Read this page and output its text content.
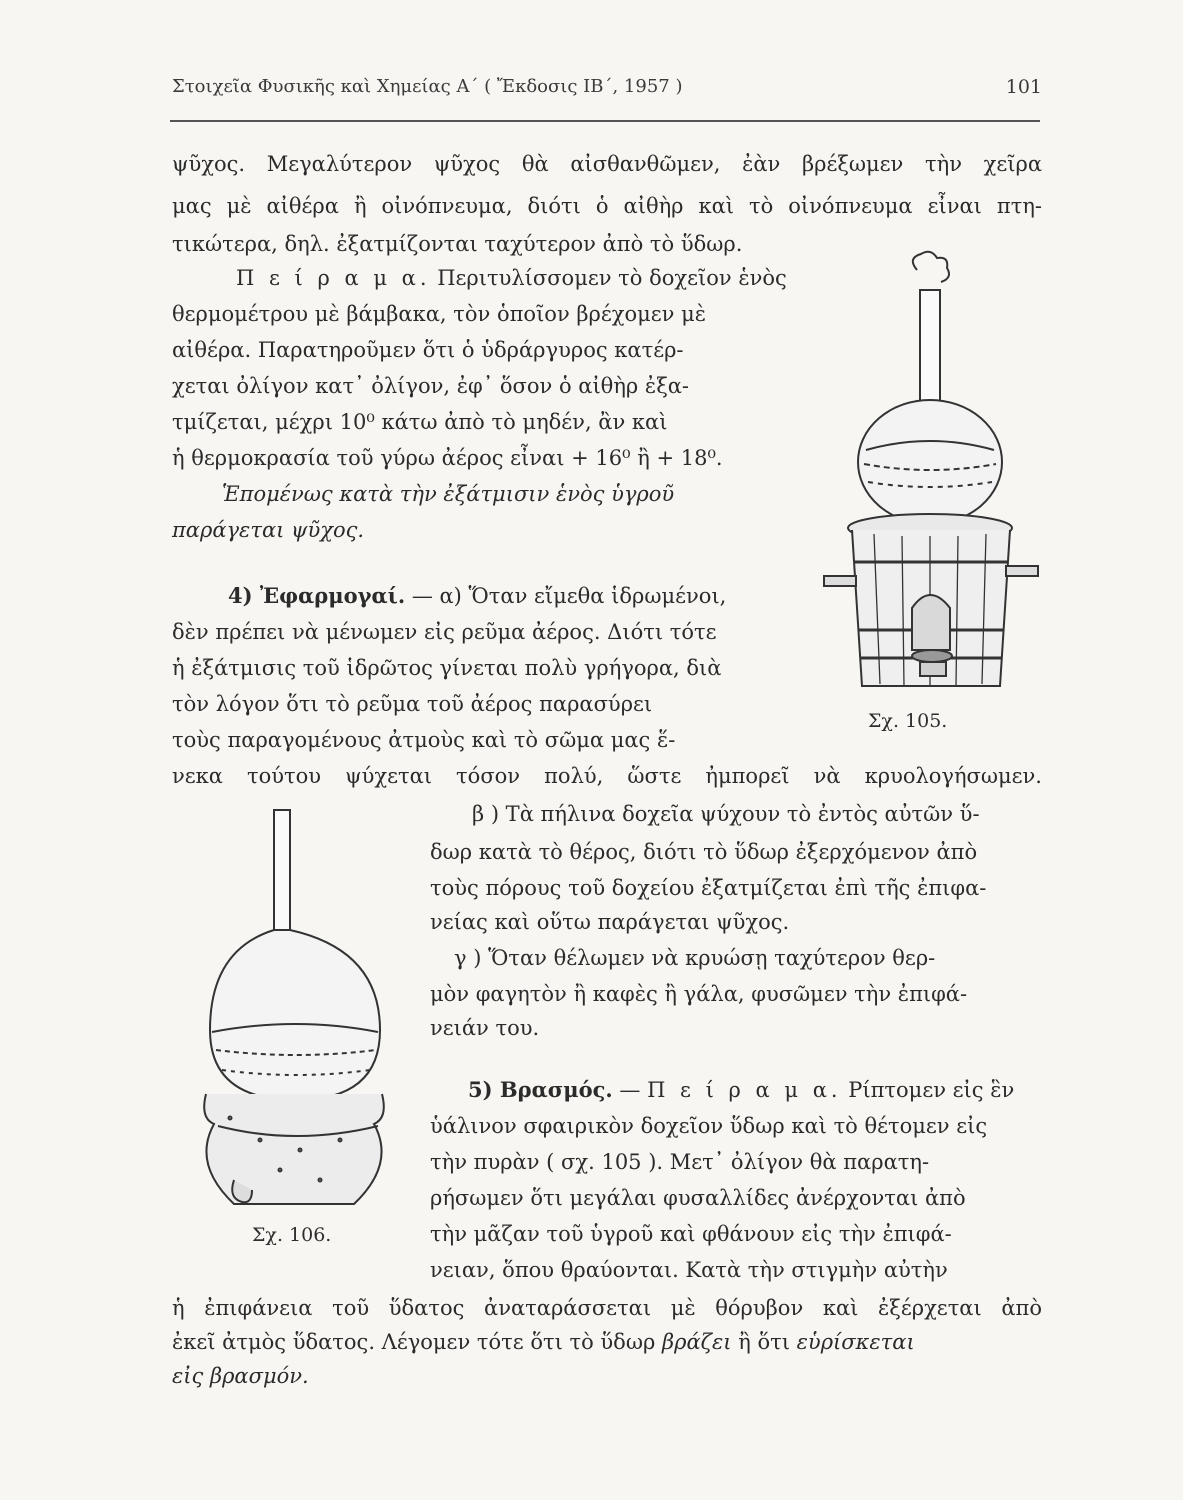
Στοιχεῖα Φυσικῆς καὶ Χημείας Α΄ ( Ἔκδοσις ΙΒ΄, 1957 )	101
ψῦχος. Μεγαλύτερον ψῦχος θὰ αἰσθανθῶμεν, ἐὰν βρέξωμεν τὴν χεῖρα
μας μὲ αἰθέρα ἢ οἰνόπνευμα, διότι ὁ αἰθὴρ καὶ τὸ οἰνόπνευμα εἶναι πτη-
τικώτερα, δηλ. ἐξατμίζονται ταχύτερον ἀπὸ τὸ ὕδωρ.
Π ε ί ρ α μ α. Περιτυλίσσομεν τὸ δοχεῖον ἑνὸς
θερμομέτρου μὲ βάμβακα, τὸν ὁποῖον βρέχομεν μὲ
αἰθέρα. Παρατηροῦμεν ὅτι ὁ ὑδράργυρος κατέρ-
χεται ὀλίγον κατ᾽ ὀλίγον, ἐφ᾽ ὅσον ὁ αἰθὴρ ἐξα-
τμίζεται, μέχρι 10⁰ κάτω ἀπὸ τὸ μηδέν, ἂν καὶ
ἡ θερμοκρασία τοῦ γύρω ἀέρος εἶναι + 16⁰ ἢ + 18⁰.
Ἑπομένως κατὰ τὴν ἐξάτμισιν ἑνὸς ὑγροῦ
παράγεται ψῦχος.
4) Ἐφαρμογαί. — α) Ὅταν εἴμεθα ἱδρωμένοι,
δὲν πρέπει νὰ μένωμεν εἰς ρεῦμα ἀέρος. Διότι τότε
ἡ ἐξάτμισις τοῦ ἱδρῶτος γίνεται πολὺ γρήγορα, διὰ
τὸν λόγον ὅτι τὸ ρεῦμα τοῦ ἀέρος παρασύρει
τοὺς παραγομένους ἀτμοὺς καὶ τὸ σῶμα μας ἕ-
νεκα τούτου ψύχεται τόσον πολύ, ὥστε ἠμπορεῖ νὰ κρυολογήσωμεν.
β ) Τὰ πήλινα δοχεῖα ψύχουν τὸ ἐντὸς αὐτῶν ὕ-
δωρ κατὰ τὸ θέρος, διότι τὸ ὕδωρ ἐξερχόμενον ἀπὸ
τοὺς πόρους τοῦ δοχείου ἐξατμίζεται ἐπὶ τῆς ἐπιφα-
νείας καὶ οὕτω παράγεται ψῦχος.
γ ) Ὅταν θέλωμεν νὰ κρυώσῃ ταχύτερον θερ-
μὸν φαγητὸν ἢ καφὲς ἢ γάλα, φυσῶμεν τὴν ἐπιφά-
νειάν του.
5) Βρασμός. — Π ε ί ρ α μ α. Ρίπτομεν εἰς ἓν
ὑάλινον σφαιρικὸν δοχεῖον ὕδωρ καὶ τὸ θέτομεν εἰς
τὴν πυρὰν ( σχ. 105 ). Μετ᾽ ὀλίγον θὰ παρατη-
ρήσωμεν ὅτι μεγάλαι φυσαλλίδες ἀνέρχονται ἀπὸ
τὴν μᾶζαν τοῦ ὑγροῦ καὶ φθάνουν εἰς τὴν ἐπιφά-
νειαν, ὅπου θραύονται. Κατὰ τὴν στιγμὴν αὐτὴν
ἡ ἐπιφάνεια τοῦ ὕδατος ἀναταράσσεται μὲ θόρυβον καὶ ἐξέρχεται ἀπὸ
ἐκεῖ ἀτμὸς ὕδατος. Λέγομεν τότε ὅτι τὸ ὕδωρ βράζει ἢ ὅτι εὑρίσκεται
εἰς βρασμόν.
Σχ. 105.
Σχ. 106.
